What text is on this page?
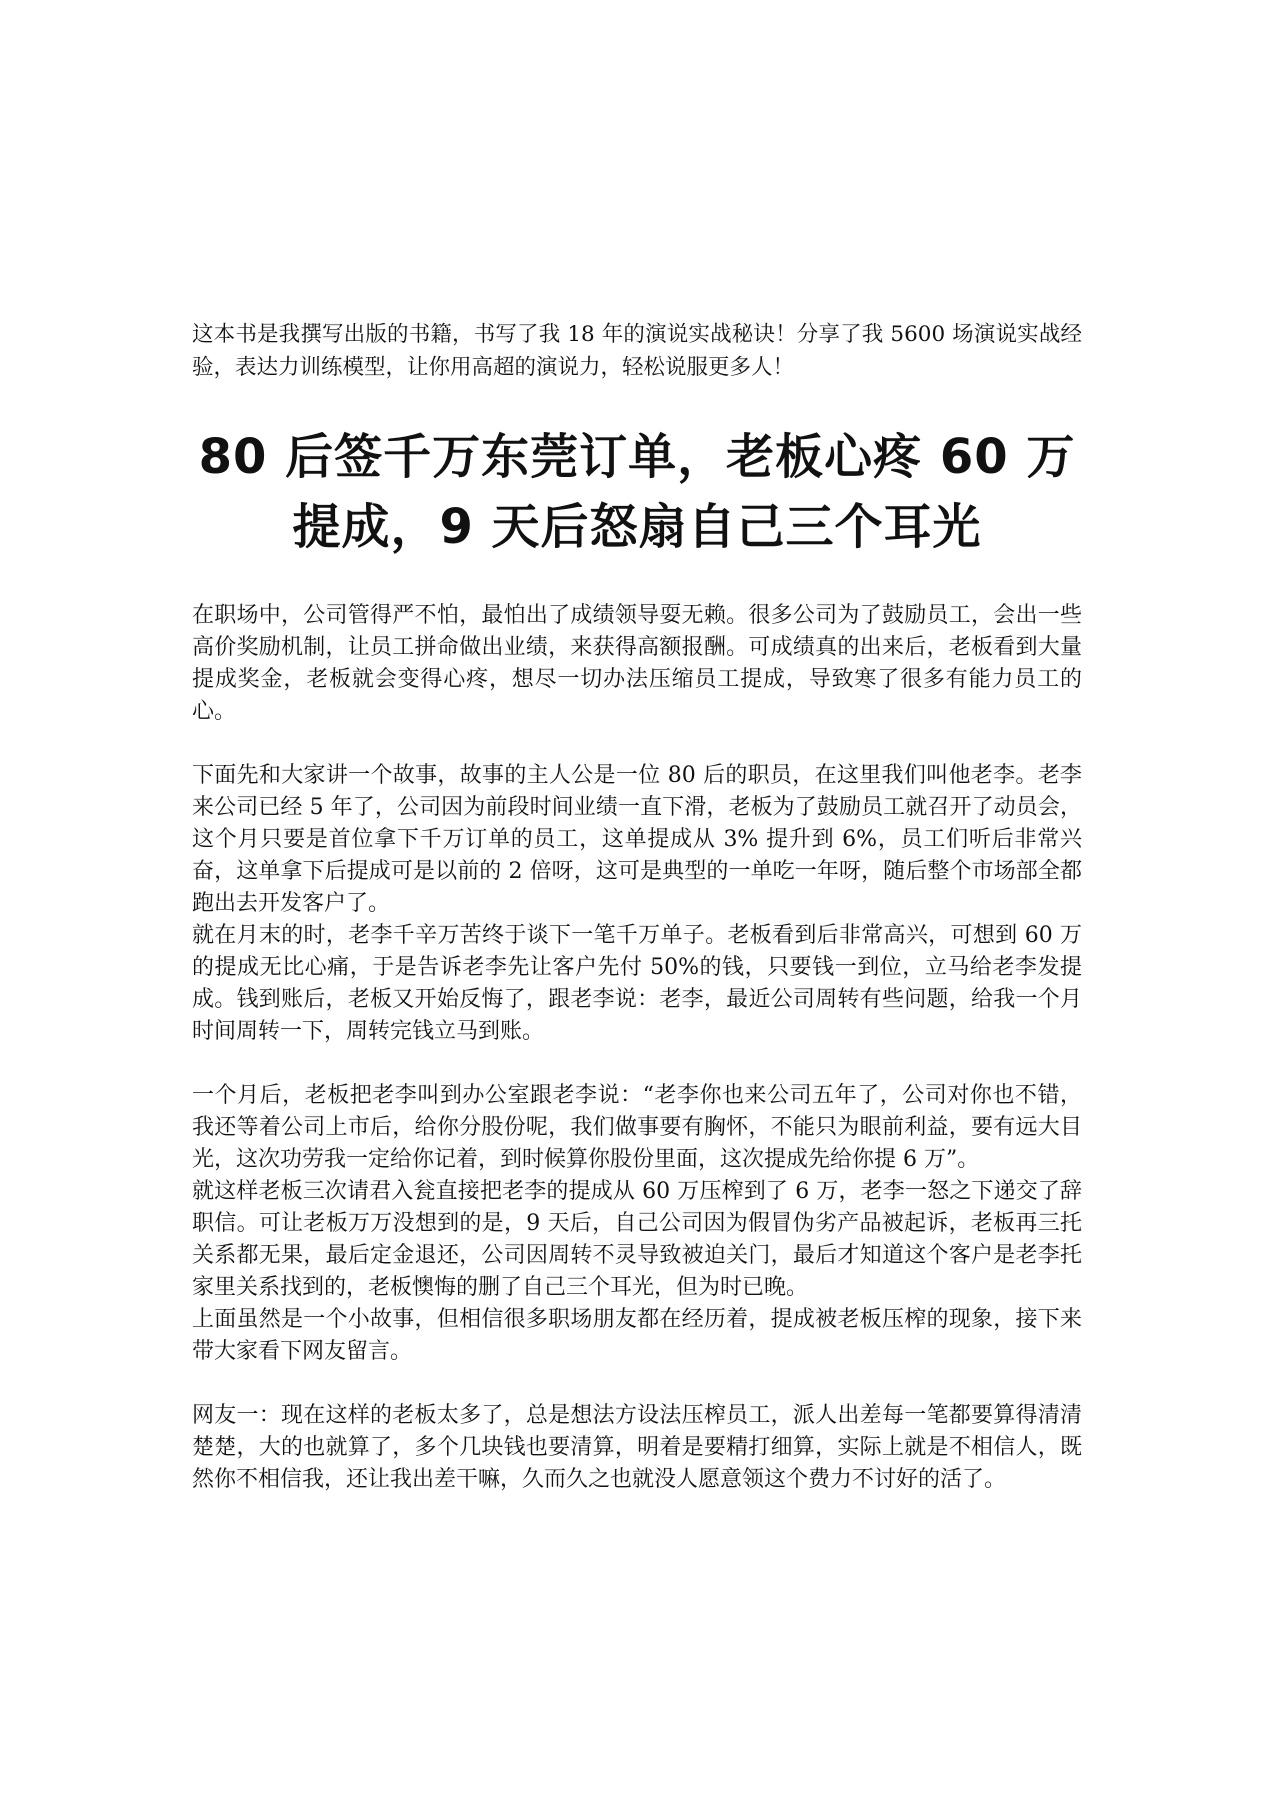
这本书是我撰写出版的书籍，书写了我 18 年的演说实战秘诀！分享了我 5600 场演说实战经验，表达力训练模型，让你用高超的演说力，轻松说服更多人！

80 后签千万东莞订单，老板心疼 60 万提成，9 天后怒扇自己三个耳光

在职场中，公司管得严不怕，最怕出了成绩领导耍无赖。很多公司为了鼓励员工，会出一些高价奖励机制，让员工拼命做出业绩，来获得高额报酬。可成绩真的出来后，老板看到大量提成奖金，老板就会变得心疼，想尽一切办法压缩员工提成，导致寒了很多有能力员工的心。

下面先和大家讲一个故事，故事的主人公是一位 80 后的职员，在这里我们叫他老李。老李来公司已经 5 年了，公司因为前段时间业绩一直下滑，老板为了鼓励员工就召开了动员会，这个月只要是首位拿下千万订单的员工，这单提成从 3% 提升到 6%，员工们听后非常兴奋，这单拿下后提成可是以前的 2 倍呀，这可是典型的一单吃一年呀，随后整个市场部全都跑出去开发客户了。

就在月末的时，老李千辛万苦终于谈下一笔千万单子。老板看到后非常高兴，可想到 60 万的提成无比心痛，于是告诉老李先让客户先付 50%的钱，只要钱一到位，立马给老李发提成。钱到账后，老板又开始反悔了，跟老李说：老李，最近公司周转有些问题，给我一个月时间周转一下，周转完钱立马到账。

一个月后，老板把老李叫到办公室跟老李说：“老李你也来公司五年了，公司对你也不错，我还等着公司上市后，给你分股份呢，我们做事要有胸怀，不能只为眼前利益，要有远大目光，这次功劳我一定给你记着，到时候算你股份里面，这次提成先给你提 6 万”。

就这样老板三次请君入瓮直接把老李的提成从 60 万压榨到了 6 万，老李一怒之下递交了辞职信。可让老板万万没想到的是，9 天后，自己公司因为假冒伪劣产品被起诉，老板再三托关系都无果，最后定金退还，公司因周转不灵导致被迫关门，最后才知道这个客户是老李托家里关系找到的，老板懊悔的删了自己三个耳光，但为时已晚。

上面虽然是一个小故事，但相信很多职场朋友都在经历着，提成被老板压榨的现象，接下来带大家看下网友留言。

网友一：现在这样的老板太多了，总是想法方设法压榨员工，派人出差每一笔都要算得清清楚楚，大的也就算了，多个几块钱也要清算，明着是要精打细算，实际上就是不相信人，既然你不相信我，还让我出差干嘛，久而久之也就没人愿意领这个费力不讨好的活了。
